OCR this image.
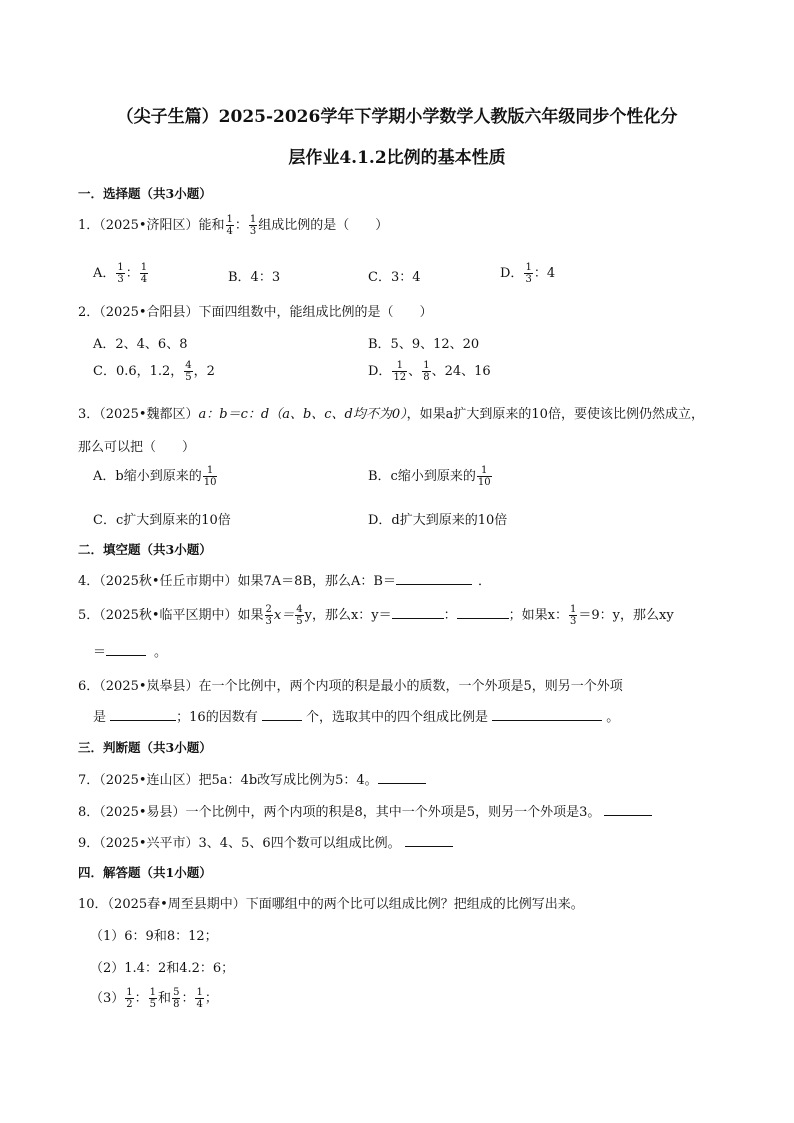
（尖子生篇）2025-2026学年下学期小学数学人教版六年级同步个性化分
层作业4.1.2比例的基本性质
一．选择题（共3小题）
1．（2025•济阳区）能和 $\frac{1}{4}$ ： $\frac{1}{3}$ 组成比例的是（　　）
A． $\frac{1}{3}$ ： $\frac{1}{4}$	B．4：3	C．3：4	D． $\frac{1}{3}$ ：4
2．（2025•合阳县）下面四组数中，能组成比例的是（　　）
A．2、4、6、8	B．5、9、12、20
C．0.6，1.2， $\frac{4}{5}$ ，2	D． $\frac{1}{12}$ 、 $\frac{1}{8}$ 、24、16
3．（2025•魏都区）a：b＝c：d（a、b、c、d均不为0），如果a扩大到原来的10倍，要使该比例仍然成立，
那么可以把（　　）
A．b缩小到原来的 $\frac{1}{10}$	B．c缩小到原来的 $\frac{1}{10}$
C．c扩大到原来的10倍	D．d扩大到原来的10倍
二．填空题（共3小题）
4．（2025秋•任丘市期中）如果7A＝8B，那么A：B＝	．
5．（2025秋•临平区期中）如果 $\frac{2}{3} x= \frac{4}{5}$ y，那么x：y＝	：	；如果x： $\frac{1}{3} =9$：y，那么xy
＝	。
6．（2025•岚皋县）在一个比例中，两个内项的积是最小的质数，一个外项是5，则另一个外项
是	；16的因数有	个，选取其中的四个组成比例是	。
三．判断题（共3小题）
7．（2025•连山区）把5a：4b改写成比例为5：4。
8．（2025•易县）一个比例中，两个内项的积是8，其中一个外项是5，则另一个外项是3。
9．（2025•兴平市）3、4、5、6四个数可以组成比例。
四．解答题（共1小题）
10．（2025春•周至县期中）下面哪组中的两个比可以组成比例？把组成的比例写出来。
（1）6：9和8：12；
（2）1.4：2和4.2：6；
$(3) \frac{1}{2}$ ： $\frac{1}{5}$ 和 $\frac{5}{8}$ ： $\frac{1}{4}$ ；
